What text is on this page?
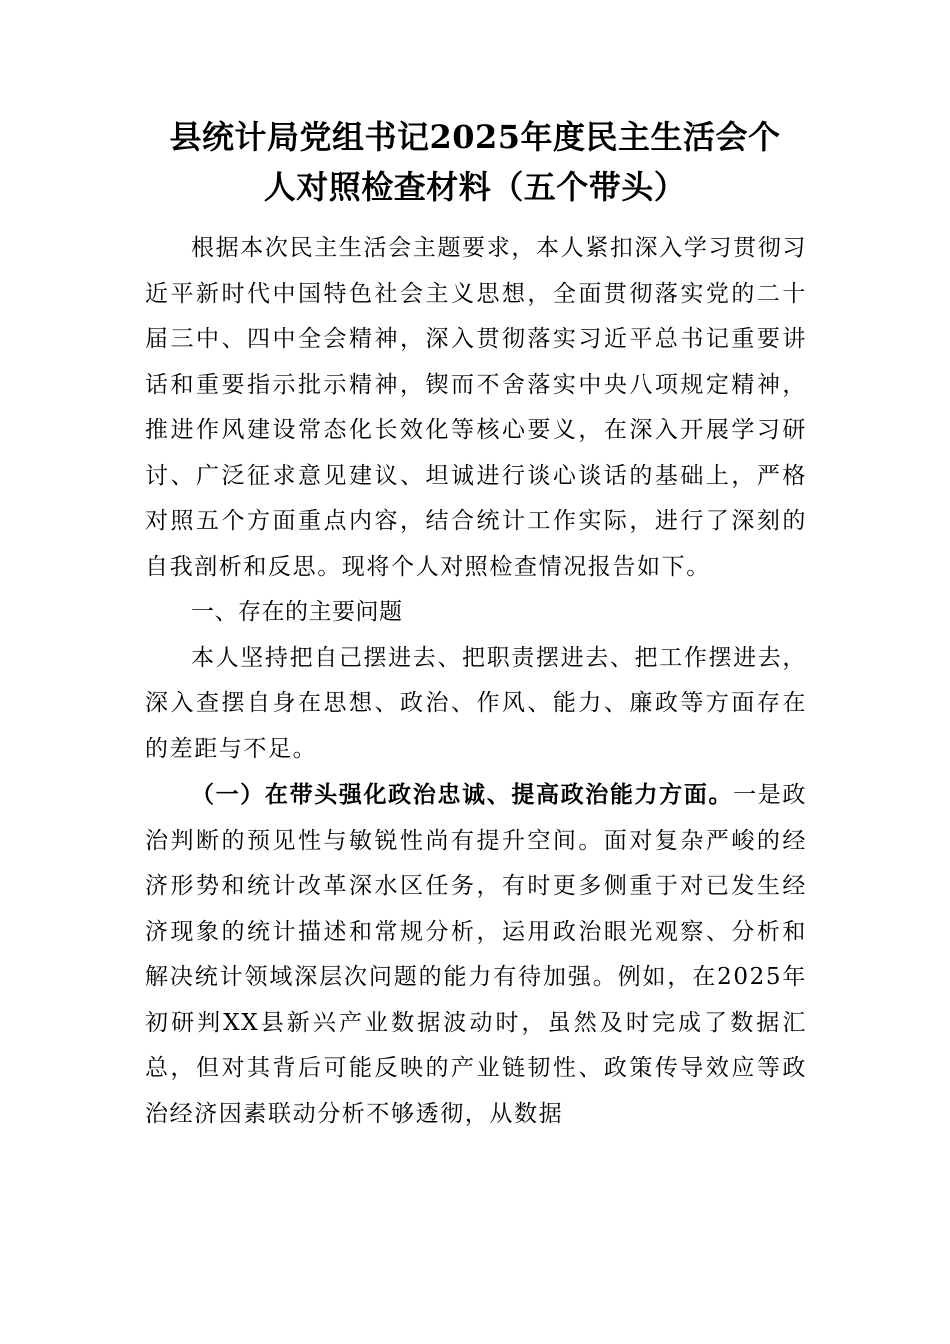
县统计局党组书记2025年度民主生活会个
人对照检查材料（五个带头）

根据本次民主生活会主题要求，本人紧扣深入学习贯彻习近平新时代中国特色社会主义思想，全面贯彻落实党的二十届三中、四中全会精神，深入贯彻落实习近平总书记重要讲话和重要指示批示精神，锲而不舍落实中央八项规定精神，推进作风建设常态化长效化等核心要义，在深入开展学习研讨、广泛征求意见建议、坦诚进行谈心谈话的基础上，严格对照五个方面重点内容，结合统计工作实际，进行了深刻的自我剖析和反思。现将个人对照检查情况报告如下。

一、存在的主要问题

本人坚持把自己摆进去、把职责摆进去、把工作摆进去，深入查摆自身在思想、政治、作风、能力、廉政等方面存在的差距与不足。

（一）在带头强化政治忠诚、提高政治能力方面。一是政治判断的预见性与敏锐性尚有提升空间。面对复杂严峻的经济形势和统计改革深水区任务，有时更多侧重于对已发生经济现象的统计描述和常规分析，运用政治眼光观察、分析和解决统计领域深层次问题的能力有待加强。例如，在2025年初研判XX县新兴产业数据波动时，虽然及时完成了数据汇总，但对其背后可能反映的产业链韧性、政策传导效应等政治经济因素联动分析不够透彻，从数据
